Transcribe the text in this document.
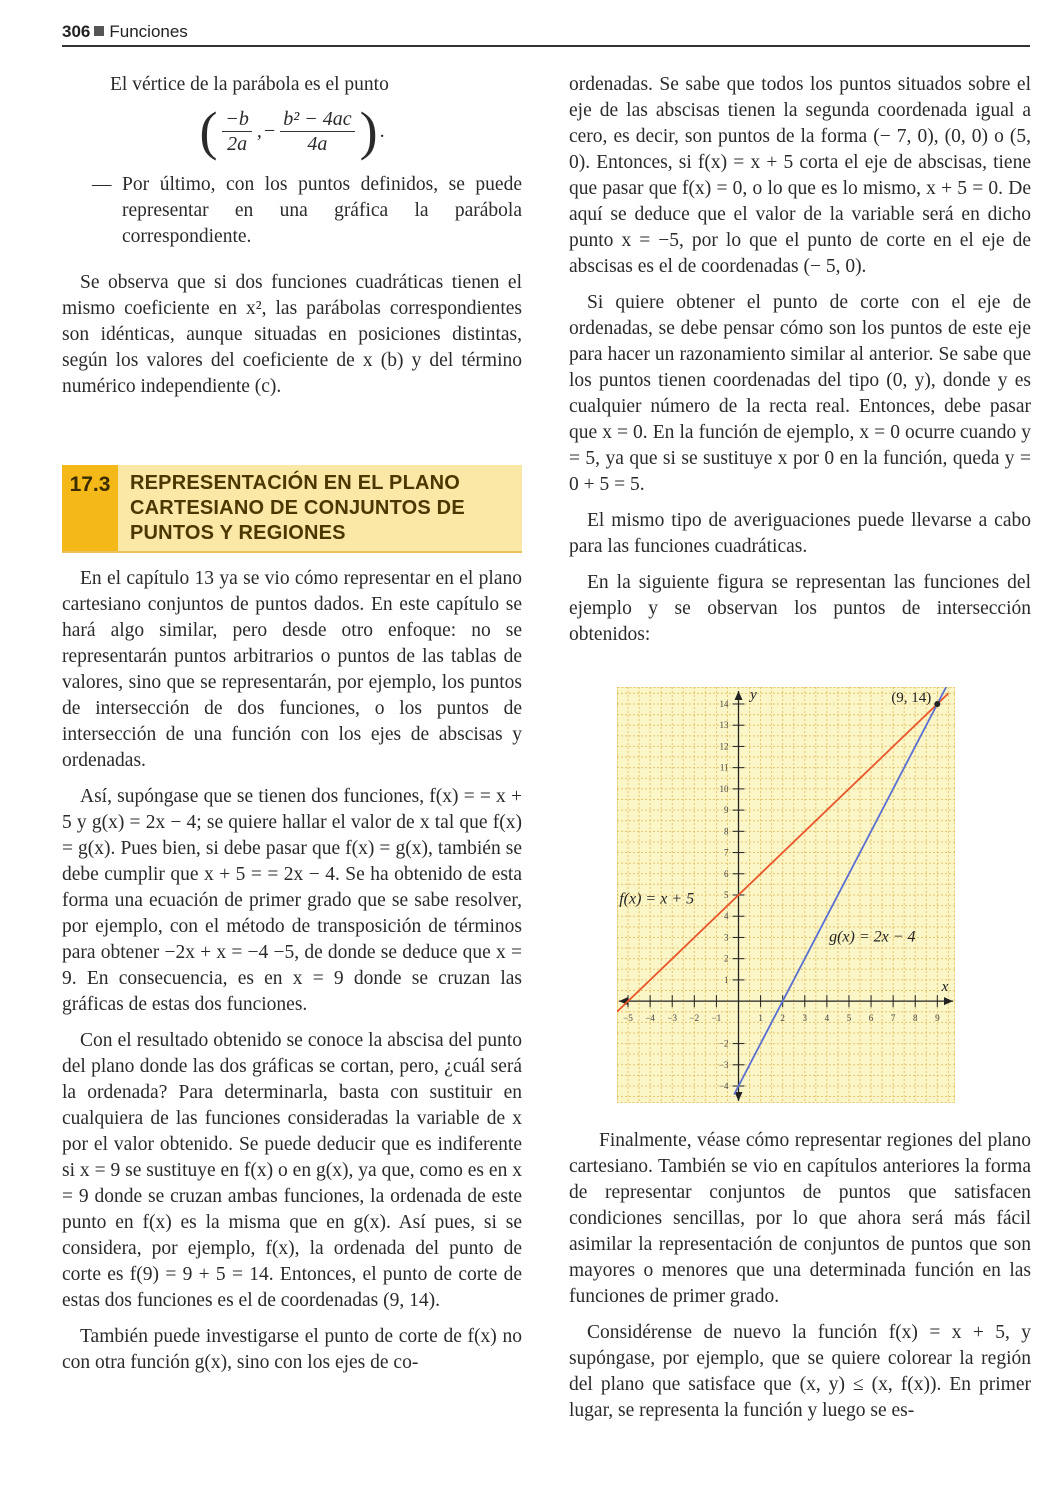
306 Funciones

El vértice de la parábola es el punto

( $\frac{-b}{2a}$ , − $\frac{\text{b² − 4ac}}{4a}$ ) .

— Por último, con los puntos definidos, se puede representar en una gráfica la parábola correspondiente.

Se observa que si dos funciones cuadráticas tienen el mismo coeficiente en x², las parábolas correspondientes son idénticas, aunque situadas en posiciones distintas, según los valores del coeficiente de x (b) y del término numérico independiente (c).

17.3 REPRESENTACIÓN EN EL PLANO CARTESIANO DE CONJUNTOS DE PUNTOS Y REGIONES

En el capítulo 13 ya se vio cómo representar en el plano cartesiano conjuntos de puntos dados. En este capítulo se hará algo similar, pero desde otro enfoque: no se representarán puntos arbitrarios o puntos de las tablas de valores, sino que se representarán, por ejemplo, los puntos de intersección de dos funciones, o los puntos de intersección de una función con los ejes de abscisas y ordenadas.

Así, supóngase que se tienen dos funciones, f(x) = = x + 5 y g(x) = 2x − 4; se quiere hallar el valor de x tal que f(x) = g(x). Pues bien, si debe pasar que f(x) = g(x), también se debe cumplir que x + 5 = = 2x − 4. Se ha obtenido de esta forma una ecuación de primer grado que se sabe resolver, por ejemplo, con el método de transposición de términos para obtener −2x + x = −4 −5, de donde se deduce que x = 9. En consecuencia, es en x = 9 donde se cruzan las gráficas de estas dos funciones.

Con el resultado obtenido se conoce la abscisa del punto del plano donde las dos gráficas se cortan, pero, ¿cuál será la ordenada? Para determinarla, basta con sustituir en cualquiera de las funciones consideradas la variable de x por el valor obtenido. Se puede deducir que es indiferente si x = 9 se sustituye en f(x) o en g(x), ya que, como es en x = 9 donde se cruzan ambas funciones, la ordenada de este punto en f(x) es la misma que en g(x). Así pues, si se considera, por ejemplo, f(x), la ordenada del punto de corte es f(9) = 9 + 5 = 14. Entonces, el punto de corte de estas dos funciones es el de coordenadas (9, 14).

También puede investigarse el punto de corte de f(x) no con otra función g(x), sino con los ejes de co-

ordenadas. Se sabe que todos los puntos situados sobre el eje de las abscisas tienen la segunda coordenada igual a cero, es decir, son puntos de la forma (− 7, 0), (0, 0) o (5, 0). Entonces, si f(x) = x + 5 corta el eje de abscisas, tiene que pasar que f(x) = 0, o lo que es lo mismo, x + 5 = 0. De aquí se deduce que el valor de la variable será en dicho punto x = −5, por lo que el punto de corte en el eje de abscisas es el de coordenadas (− 5, 0).

Si quiere obtener el punto de corte con el eje de ordenadas, se debe pensar cómo son los puntos de este eje para hacer un razonamiento similar al anterior. Se sabe que los puntos tienen coordenadas del tipo (0, y), donde y es cualquier número de la recta real. Entonces, debe pasar que x = 0. En la función de ejemplo, x = 0 ocurre cuando y = 5, ya que si se sustituye x por 0 en la función, queda y = 0 + 5 = 5.

El mismo tipo de averiguaciones puede llevarse a cabo para las funciones cuadráticas.

En la siguiente figura se representan las funciones del ejemplo y se observan los puntos de intersección obtenidos:

−5 −4 −3 −2 −1	1 2 3 4 5 6 7 8 9
−4
−3
−2
1
2
3
4
5
6
7
8
9
10
11
12
13
14
x
y
f(x) = x + 5
g(x) = 2x − 4
(9, 14)

Finalmente, véase cómo representar regiones del plano cartesiano. También se vio en capítulos anteriores la forma de representar conjuntos de puntos que satisfacen condiciones sencillas, por lo que ahora será más fácil asimilar la representación de conjuntos de puntos que son mayores o menores que una determinada función en las funciones de primer grado.

Considérense de nuevo la función f(x) = x + 5, y supóngase, por ejemplo, que se quiere colorear la región del plano que satisface que (x, y) ≤ (x, f(x)). En primer lugar, se representa la función y luego se es-
